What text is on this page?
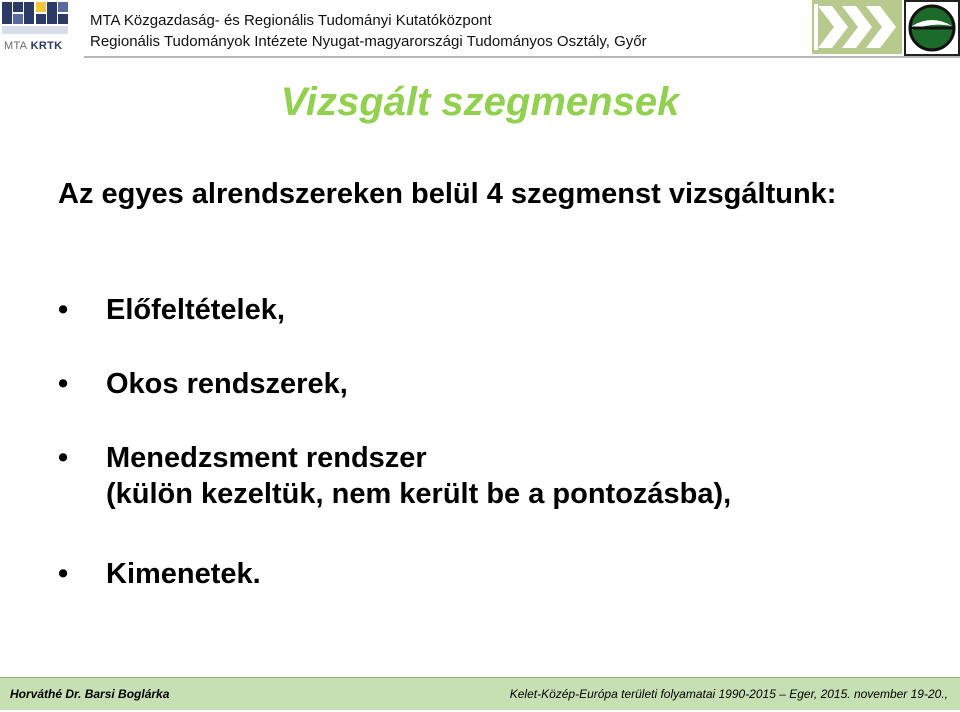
MTA KRTK
MTA Közgazdaság- és Regionális Tudományi Kutatóközpont
Regionális Tudományok Intézete Nyugat-magyarországi Tudományos Osztály, Győr
Vizsgált szegmensek
Az egyes alrendszereken belül 4 szegmenst vizsgáltunk:
•	Előfeltételek,
•	Okos rendszerek,
•	Menedzsment rendszer
(külön kezeltük, nem került be a pontozásba),
•	Kimenetek.
Horváthé Dr. Barsi Boglárka	Kelet-Közép-Európa területi folyamatai 1990-2015 – Eger, 2015. november 19-20.,
